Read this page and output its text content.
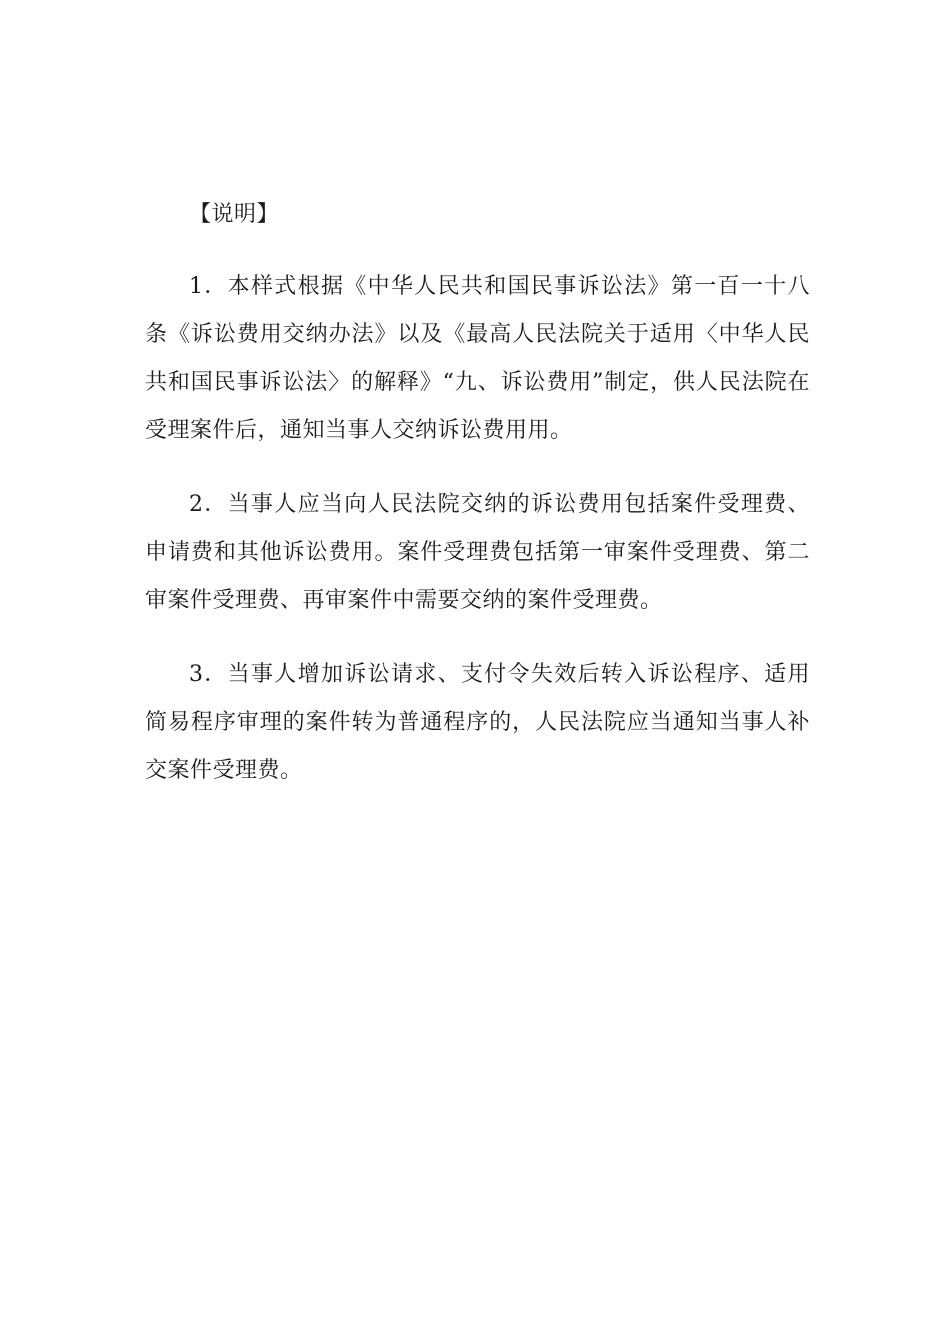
【说明】

1．本样式根据《中华人民共和国民事诉讼法》第一百一十八条《诉讼费用交纳办法》以及《最高人民法院关于适用〈中华人民共和国民事诉讼法〉的解释》“九、诉讼费用”制定，供人民法院在受理案件后，通知当事人交纳诉讼费用用。

2．当事人应当向人民法院交纳的诉讼费用包括案件受理费、申请费和其他诉讼费用。案件受理费包括第一审案件受理费、第二审案件受理费、再审案件中需要交纳的案件受理费。

3．当事人增加诉讼请求、支付令失效后转入诉讼程序、适用简易程序审理的案件转为普通程序的，人民法院应当通知当事人补交案件受理费。
